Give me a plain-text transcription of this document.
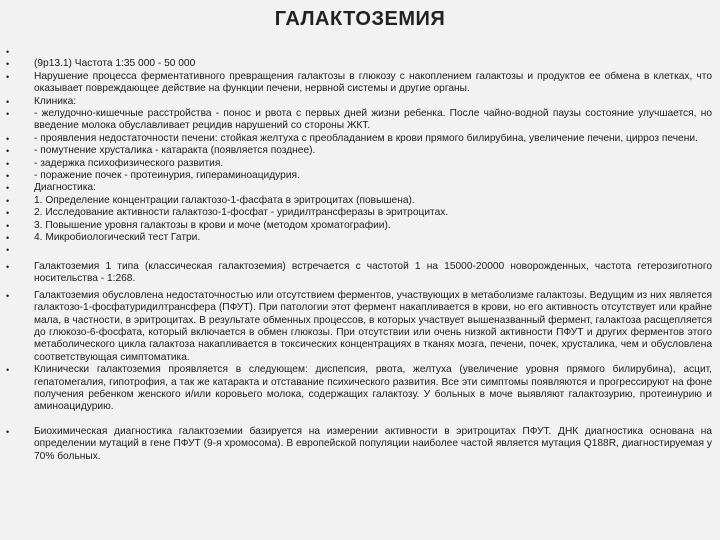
ГАЛАКТОЗЕМИЯ
•
•	(9р13.1) Частота 1:35 000 - 50 000
•	Нарушение процесса ферментативного превращения галактозы в глюкозу с накоплением галактозы и продуктов ее обмена в клетках, что оказывает повреждающее действие на функции печени, нервной системы и другие органы.
•	Клиника:
•	- желудочно-кишечные расстройства - понос и рвота с первых дней жизни ребенка. После чайно-водной паузы состояние улучшается, но введение молока обуславливает рецидив нарушений со стороны ЖКТ.
•	- проявления недостаточности печени: стойкая желтуха с преобладанием в крови прямого билирубина, увеличение печени, цирроз печени.
•	- помутнение хрусталика - катаракта (появляется позднее).
•	- задержка психофизического развития.
•	- поражение почек - протеинурия, гипераминоацидурия.
•	Диагностика:
•	1. Определение концентрации галактозо-1-фасфата в эритроцитах (повышена).
•	2. Исследование активности галактозо-1-фосфат - уридилтрансферазы в эритроцитах.
•	3. Повышение уровня галактозы в крови и моче (методом хроматографии).
•	4. Микробиологический тест Гатри.
•
•	Галактоземия 1 типа (классическая галактоземия) встречается с частотой 1 на 15000-20000 новорожденных, частота гетерозиготного носительства - 1:268.
•	Галактоземия обусловлена недостаточностью или отсутствием ферментов, участвующих в метаболизме галактозы. Ведущим из них является галактозо-1-фосфатуридилтрансфера (ПФУТ). При патологии этот фермент накапливается в крови, но его активность отсутствует или крайне мала, в частности, в эритроцитах. В результате обменных процессов, в которых участвует вышеназванный фермент, галактоза расщепляется до глюкозо-6-фосфата, который включается в обмен глюкозы. При отсутствии или очень низкой активности ПФУТ и других ферментов этого метаболического цикла галактоза накапливается в токсических концентрациях в тканях мозга, печени, почек, хрусталика, чем и обусловлена соответствующая симптоматика.
•	Клинически галактоземия проявляется в следующем: диспепсия, рвота, желтуха (увеличение уровня прямого билирубина), асцит, гепатомегалия, гипотрофия, а так же катаракта и отставание психического развития. Все эти симптомы появляются и прогрессируют на фоне получения ребенком женского и/или коровьего молока, содержащих галактозу. У больных в моче выявляют галактозурию, протеинурию и аминоацидурию.
•	Биохимическая диагностика галактоземии базируется на измерении активности в эритроцитах ПФУТ. ДНК диагностика основана на определении мутаций в гене ПФУТ (9-я хромосома). В европейской популяции наиболее частой является мутация Q188R, диагностируемая у 70% больных.
